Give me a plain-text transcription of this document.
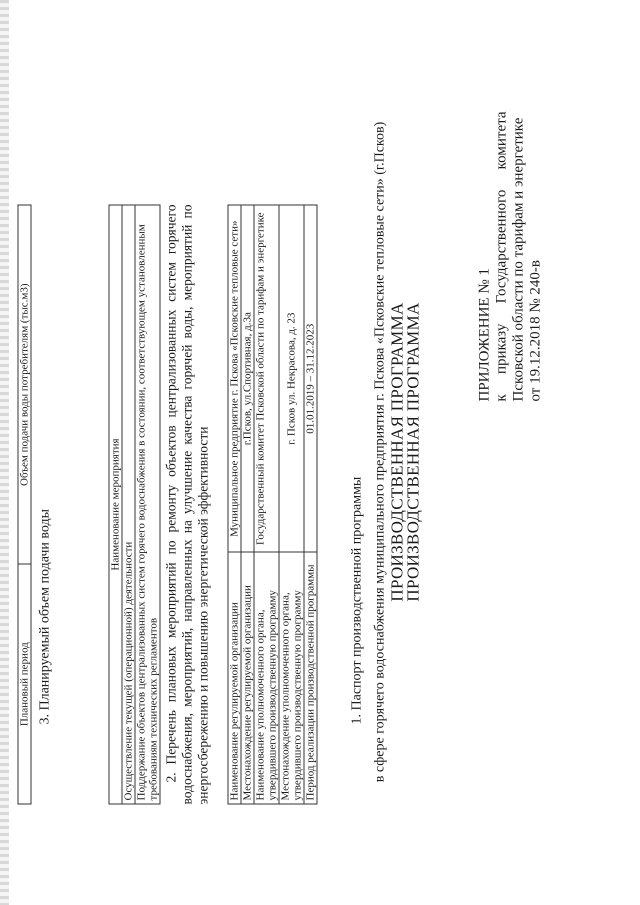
ПРИЛОЖЕНИЕ № 1 к
приказу
Государственного
комитета Псковской области по тарифам и энергетике от 19.12.2018 № 240-в
ПРОИЗВОДСТВЕННАЯ ПРОГРАММА
ПРОИЗВОДСТВЕННАЯ ПРОГРАММА
в сфере горячего водоснабжения муниципального предприятия г. Пскова «Псковские тепловые сети» (г.Псков)
1. Паспорт производственной программы
Наименование регулируемой организации	Муниципальное предприятие г. Пскова «Псковские тепловые сети»
Местонахождение регулируемой организации	г.Псков, ул.Спортивная, д.3а
Наименование уполномоченного органа, утвердившего производственную программу	Государственный комитет Псковской области по тарифам и энергетике
Местонахождение уполномоченного органа, утвердившего производственную программу	г. Псков ул. Некрасова, д. 23
Период реализации производственной программы	01.01.2019 – 31.12.2023
2. Перечень плановых мероприятий по ремонту объектов централизованных систем горячего водоснабжения, мероприятий, направленных на улучшение качества горячей воды, мероприятий по энергосбережению и повышению энергетической эффективности
Наименование мероприятия
Осуществление текущей (операционной) деятельности
Поддержание объектов централизованных систем горячего водоснабжения в состоянии, соответствующем установленным требованиям технических регламентов
3. Планируемый объем подачи воды
Плановый период	Объем подачи воды потребителям (тыс.м3)
